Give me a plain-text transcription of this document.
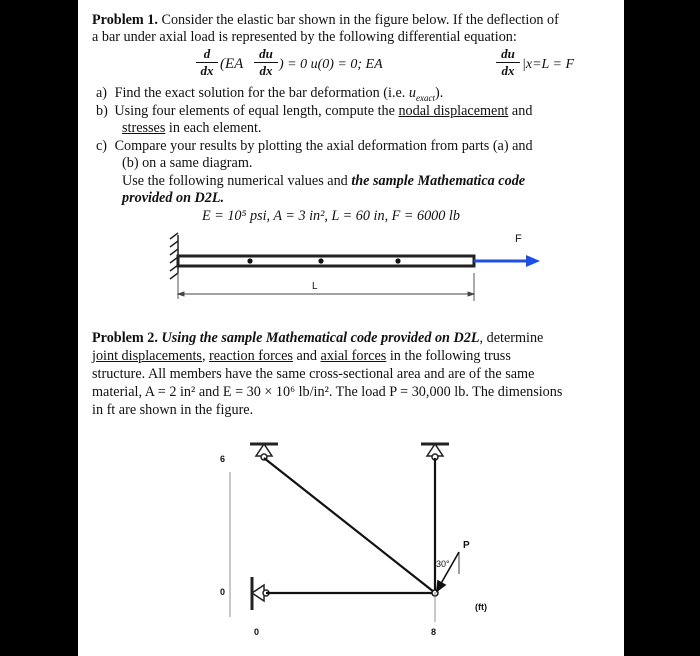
Problem 1. Consider the elastic bar shown in the figure below. If the deflection of
a bar under axial load is represented by the following differential equation:
$\frac{d}{dx} (EA \frac{du}{dx}$ ) = 0 u(0) = 0; EA	$\frac{du}{dx} |x=L = F$
a) Find the exact solution for the bar deformation (i.e. $u_{exact}$).
b) Using four elements of equal length, compute the nodal displacement and
stresses in each element.
c) Compare your results by plotting the axial deformation from parts (a) and
(b) on a same diagram.
Use the following numerical values and the sample Mathematica code
provided on D2L.
E = 10⁵ psi, A = 3 in², L = 60 in, F = 6000 lb
F
L
Problem 2. Using the sample Mathematical code provided on D2L, determine
joint displacements, reaction forces and axial forces in the following truss
structure. All members have the same cross-sectional area and are of the same
material, A = 2 in² and E = 30 × 10⁶ lb/in². The load P = 30,000 lb. The dimensions
in ft are shown in the figure.
6
0
0	8
P
30°
(ft)
